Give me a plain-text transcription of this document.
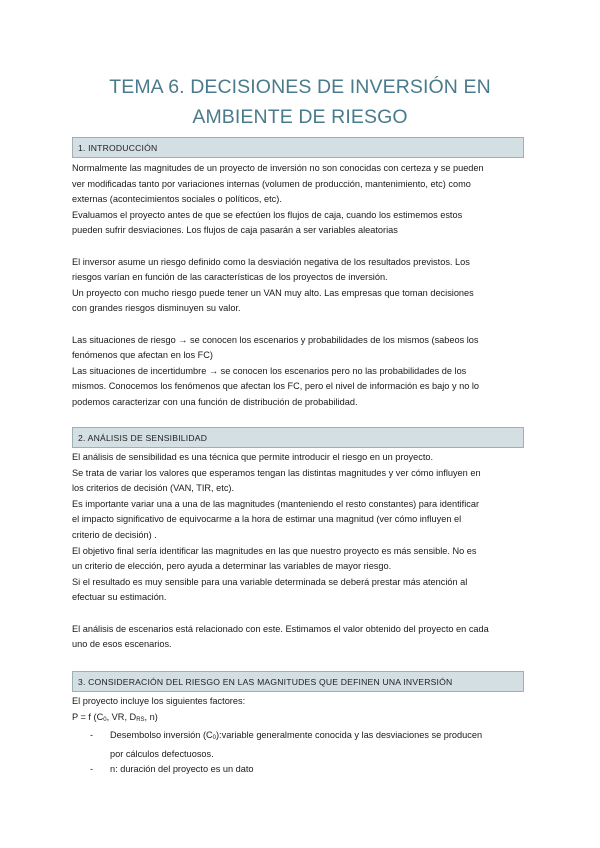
TEMA 6. DECISIONES DE INVERSIÓN EN
AMBIENTE DE RIESGO
1. INTRODUCCIÓN

Normalmente las magnitudes de un proyecto de inversión no son conocidas con certeza y se pueden

ver modificadas tanto por variaciones internas (volumen de producción, mantenimiento, etc) como

externas (acontecimientos sociales o políticos, etc).

Evaluamos el proyecto antes de que se efectúen los flujos de caja, cuando los estimemos estos

pueden sufrir desviaciones. Los flujos de caja pasarán a ser variables aleatorias

El inversor asume un riesgo definido como la desviación negativa de los resultados previstos. Los

riesgos varían en función de las características de los proyectos de inversión.

Un proyecto con mucho riesgo puede tener un VAN muy alto. Las empresas que toman decisiones

con grandes riesgos disminuyen su valor.

Las situaciones de riesgo → se conocen los escenarios y probabilidades de los mismos (sabeos los

fenómenos que afectan en los FC)

Las situaciones de incertidumbre → se conocen los escenarios pero no las probabilidades de los

mismos. Conocemos los fenómenos que afectan los FC, pero el nivel de información es bajo y no lo

podemos caracterizar con una función de distribución de probabilidad.

2. ANÁLISIS DE SENSIBILIDAD

El análisis de sensibilidad es una técnica que permite introducir el riesgo en un proyecto.

Se trata de variar los valores que esperamos tengan las distintas magnitudes y ver cómo influyen en

los criterios de decisión (VAN, TIR, etc).

Es importante variar una a una de las magnitudes (manteniendo el resto constantes) para identificar

el impacto significativo de equivocarme a la hora de estimar una magnitud (ver cómo influyen el

criterio de decisión) .

El objetivo final sería identificar las magnitudes en las que nuestro proyecto es más sensible. No es

un criterio de elección, pero ayuda a determinar las variables de mayor riesgo.

Si el resultado es muy sensible para una variable determinada se deberá prestar más atención al

efectuar su estimación.

El análisis de escenarios está relacionado con este. Estimamos el valor obtenido del proyecto en cada

uno de esos escenarios.

3. CONSIDERACIÓN DEL RIESGO EN LAS MAGNITUDES QUE DEFINEN UNA INVERSIÓN

El proyecto incluye los siguientes factores:

P = f ($C_0$, VR, $D_{RS}$, n)

- Desembolso inversión $(C_0):variable$ generalmente conocida y las desviaciones se producen
por cálculos defectuosos.
- n: duración del proyecto es un dato
